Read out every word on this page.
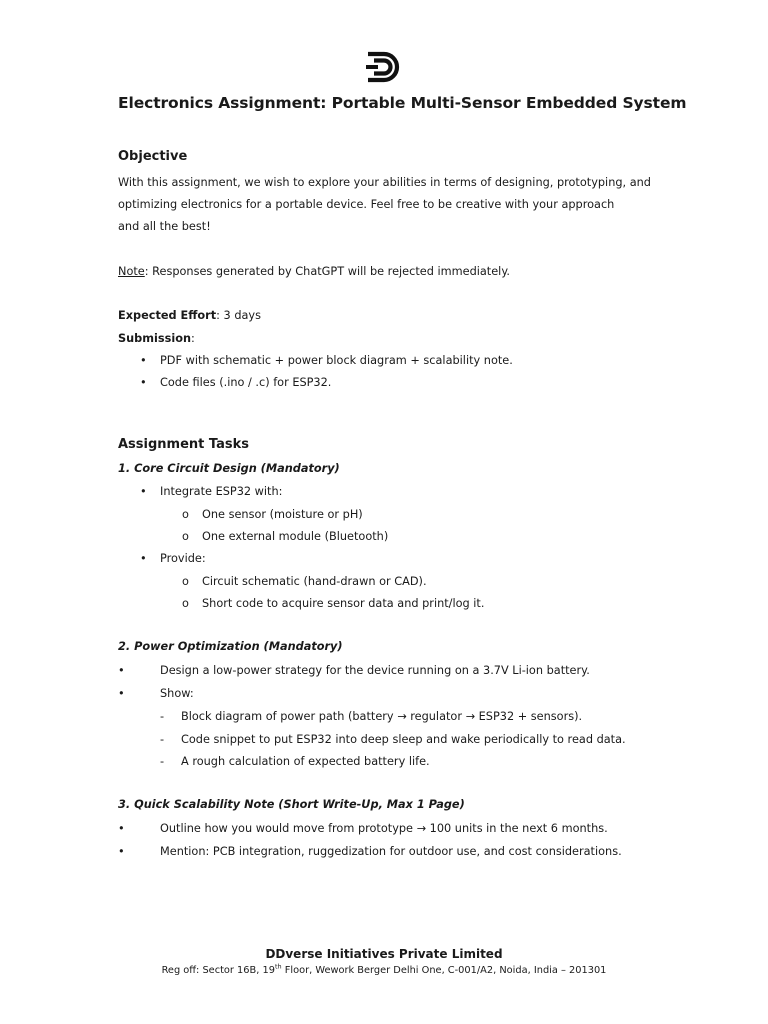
Electronics Assignment: Portable Multi-Sensor Embedded System
Objective
With this assignment, we wish to explore your abilities in terms of designing, prototyping, and
optimizing electronics for a portable device. Feel free to be creative with your approach
and all the best!
Note: Responses generated by ChatGPT will be rejected immediately.
Expected Effort: 3 days
Submission:
• PDF with schematic + power block diagram + scalability note.
• Code files (.ino / .c) for ESP32.
Assignment Tasks
1. Core Circuit Design (Mandatory)
• Integrate ESP32 with:
o One sensor (moisture or pH)
o One external module (Bluetooth)
• Provide:
o Circuit schematic (hand-drawn or CAD).
o Short code to acquire sensor data and print/log it.
2. Power Optimization (Mandatory)
•	Design a low-power strategy for the device running on a 3.7V Li-ion battery.
•	Show:
- Block diagram of power path (battery → regulator → ESP32 + sensors).
- Code snippet to put ESP32 into deep sleep and wake periodically to read data.
- A rough calculation of expected battery life.
3. Quick Scalability Note (Short Write-Up, Max 1 Page)
•	Outline how you would move from prototype → 100 units in the next 6 months.
•	Mention: PCB integration, ruggedization for outdoor use, and cost considerations.
DDverse Initiatives Private Limited
Reg off: Sector 16B, 19th Floor, Wework Berger Delhi One, C-001/A2, Noida, India – 201301
